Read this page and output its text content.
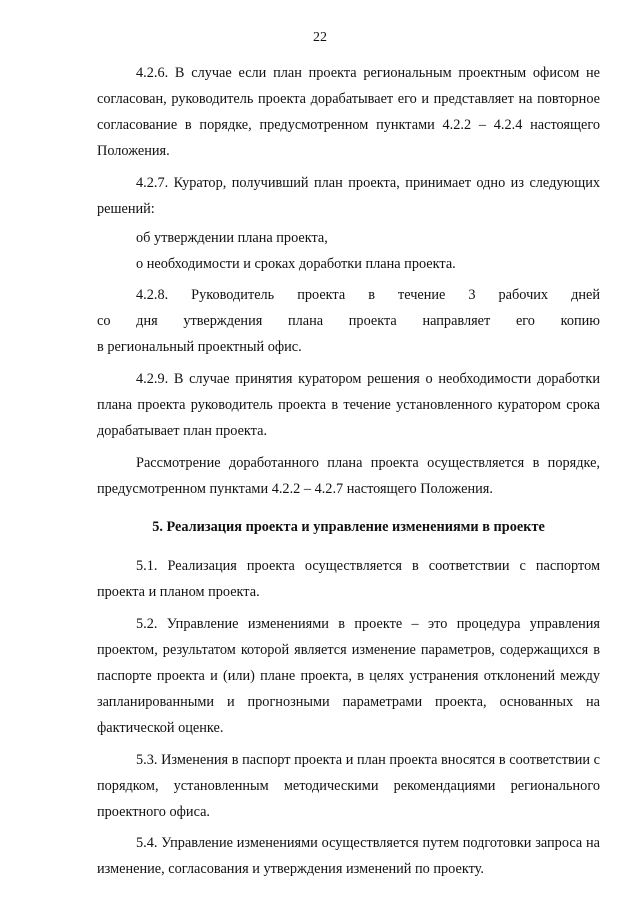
22

4.2.6. В случае если план проекта региональным проектным офисом не согласован, руководитель проекта дорабатывает его и представляет на повторное согласование в порядке, предусмотренном пунктами 4.2.2 – 4.2.4 настоящего Положения.

4.2.7. Куратор, получивший план проекта, принимает одно из следующих решений:

об утверждении плана проекта,

о необходимости и сроках доработки плана проекта.

4.2.8. Руководитель проекта в течение 3 рабочих дней
со дня утверждения плана проекта направляет его копию
в региональный проектный офис.

4.2.9. В случае принятия куратором решения о необходимости доработки плана проекта руководитель проекта в течение установленного куратором срока дорабатывает план проекта.

Рассмотрение доработанного плана проекта осуществляется в порядке, предусмотренном пунктами 4.2.2 – 4.2.7 настоящего Положения.

5. Реализация проекта и управление изменениями в проекте

5.1. Реализация проекта осуществляется в соответствии с паспортом проекта и планом проекта.

5.2. Управление изменениями в проекте – это процедура управления проектом, результатом которой является изменение параметров, содержащихся в паспорте проекта и (или) плане проекта, в целях устранения отклонений между запланированными и прогнозными параметрами проекта, основанных на фактической оценке.

5.3. Изменения в паспорт проекта и план проекта вносятся в соответствии с порядком, установленным методическими рекомендациями регионального проектного офиса.

5.4. Управление изменениями осуществляется путем подготовки запроса на изменение, согласования и утверждения изменений по проекту.
